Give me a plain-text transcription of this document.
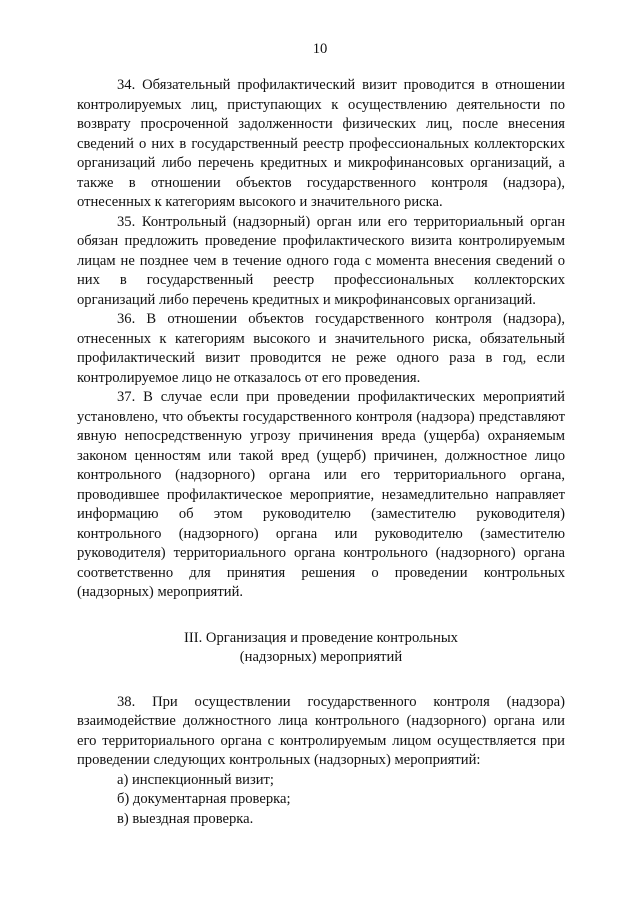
10

34. Обязательный профилактический визит проводится в отношении контролируемых лиц, приступающих к осуществлению деятельности по возврату просроченной задолженности физических лиц, после внесения сведений о них в государственный реестр профессиональных коллекторских организаций либо перечень кредитных и микрофинансовых организаций, а также в отношении объектов государственного контроля (надзора), отнесенных к категориям высокого и значительного риска.

35. Контрольный (надзорный) орган или его территориальный орган обязан предложить проведение профилактического визита контролируемым лицам не позднее чем в течение одного года с момента внесения сведений о них в государственный реестр профессиональных коллекторских организаций либо перечень кредитных и микрофинансовых организаций.

36. В отношении объектов государственного контроля (надзора), отнесенных к категориям высокого и значительного риска, обязательный профилактический визит проводится не реже одного раза в год, если контролируемое лицо не отказалось от его проведения.

37. В случае если при проведении профилактических мероприятий установлено, что объекты государственного контроля (надзора) представляют явную непосредственную угрозу причинения вреда (ущерба) охраняемым законом ценностям или такой вред (ущерб) причинен, должностное лицо контрольного (надзорного) органа или его территориального органа, проводившее профилактическое мероприятие, незамедлительно направляет информацию об этом руководителю (заместителю руководителя) контрольного (надзорного) органа или руководителю (заместителю руководителя) территориального органа контрольного (надзорного) органа соответственно для принятия решения о проведении контрольных (надзорных) мероприятий.

III. Организация и проведение контрольных
(надзорных) мероприятий

38. При осуществлении государственного контроля (надзора) взаимодействие должностного лица контрольного (надзорного) органа или его территориального органа с контролируемым лицом осуществляется при проведении следующих контрольных (надзорных) мероприятий:

а) инспекционный визит;

б) документарная проверка;

в) выездная проверка.
